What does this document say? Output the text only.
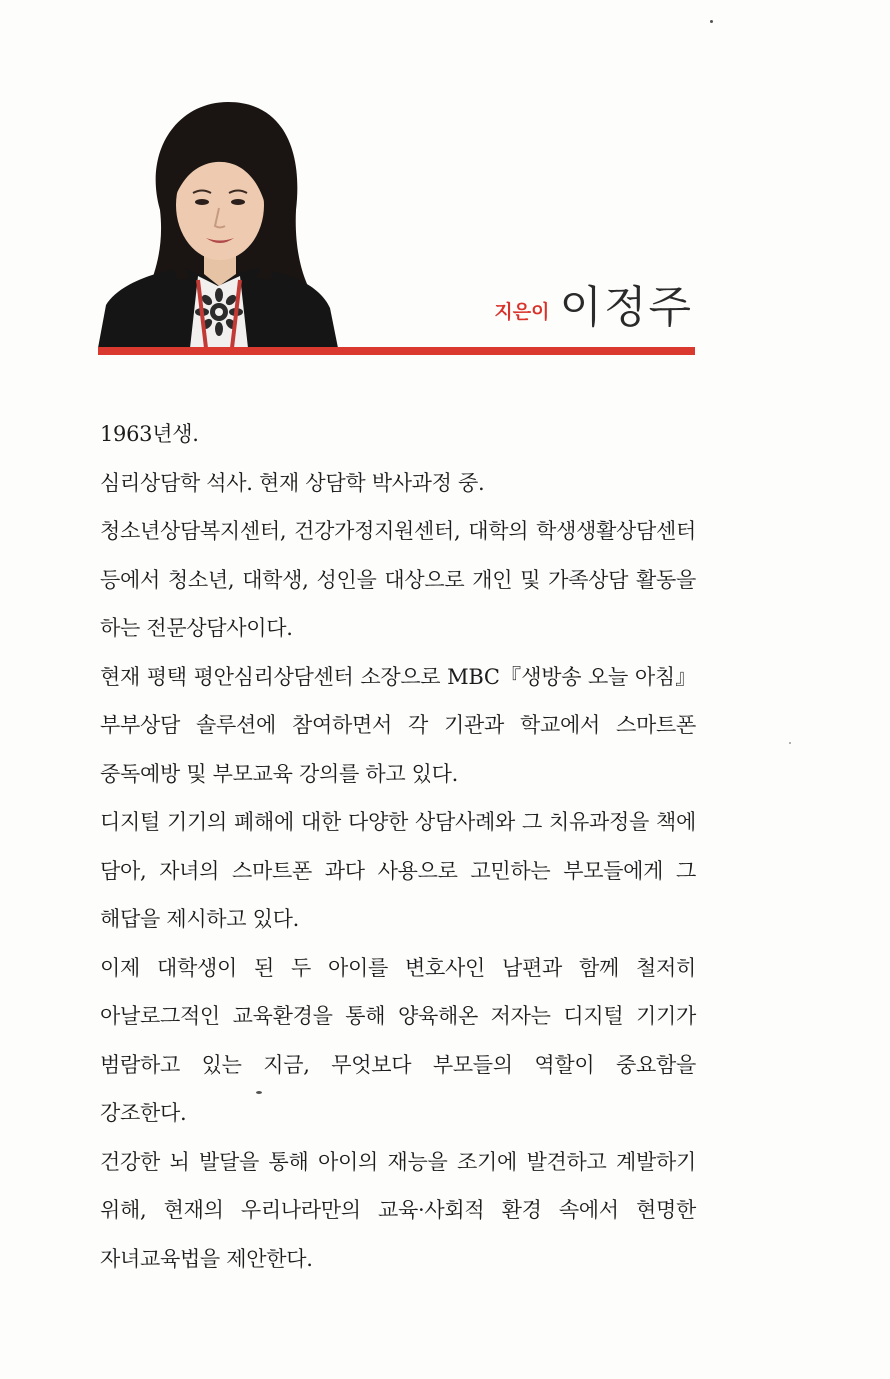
지은이 이정주

1963년생.

심리상담학 석사. 현재 상담학 박사과정 중.

청소년상담복지센터, 건강가정지원센터, 대학의 학생생활상담센터 등에서 청소년, 대학생, 성인을 대상으로 개인 및 가족상담 활동을 하는 전문상담사이다.

현재 평택 평안심리상담센터 소장으로 MBC『생방송 오늘 아침』부부상담 솔루션에 참여하면서 각 기관과 학교에서 스마트폰 중독예방 및 부모교육 강의를 하고 있다.

디지털 기기의 폐해에 대한 다양한 상담사례와 그 치유과정을 책에 담아, 자녀의 스마트폰 과다 사용으로 고민하는 부모들에게 그 해답을 제시하고 있다.

이제 대학생이 된 두 아이를 변호사인 남편과 함께 철저히 아날로그적인 교육환경을 통해 양육해온 저자는 디지털 기기가 범람하고 있는 지금, 무엇보다 부모들의 역할이 중요함을 강조한다.

건강한 뇌 발달을 통해 아이의 재능을 조기에 발견하고 계발하기 위해, 현재의 우리나라만의 교육·사회적 환경 속에서 현명한 자녀교육법을 제안한다.
